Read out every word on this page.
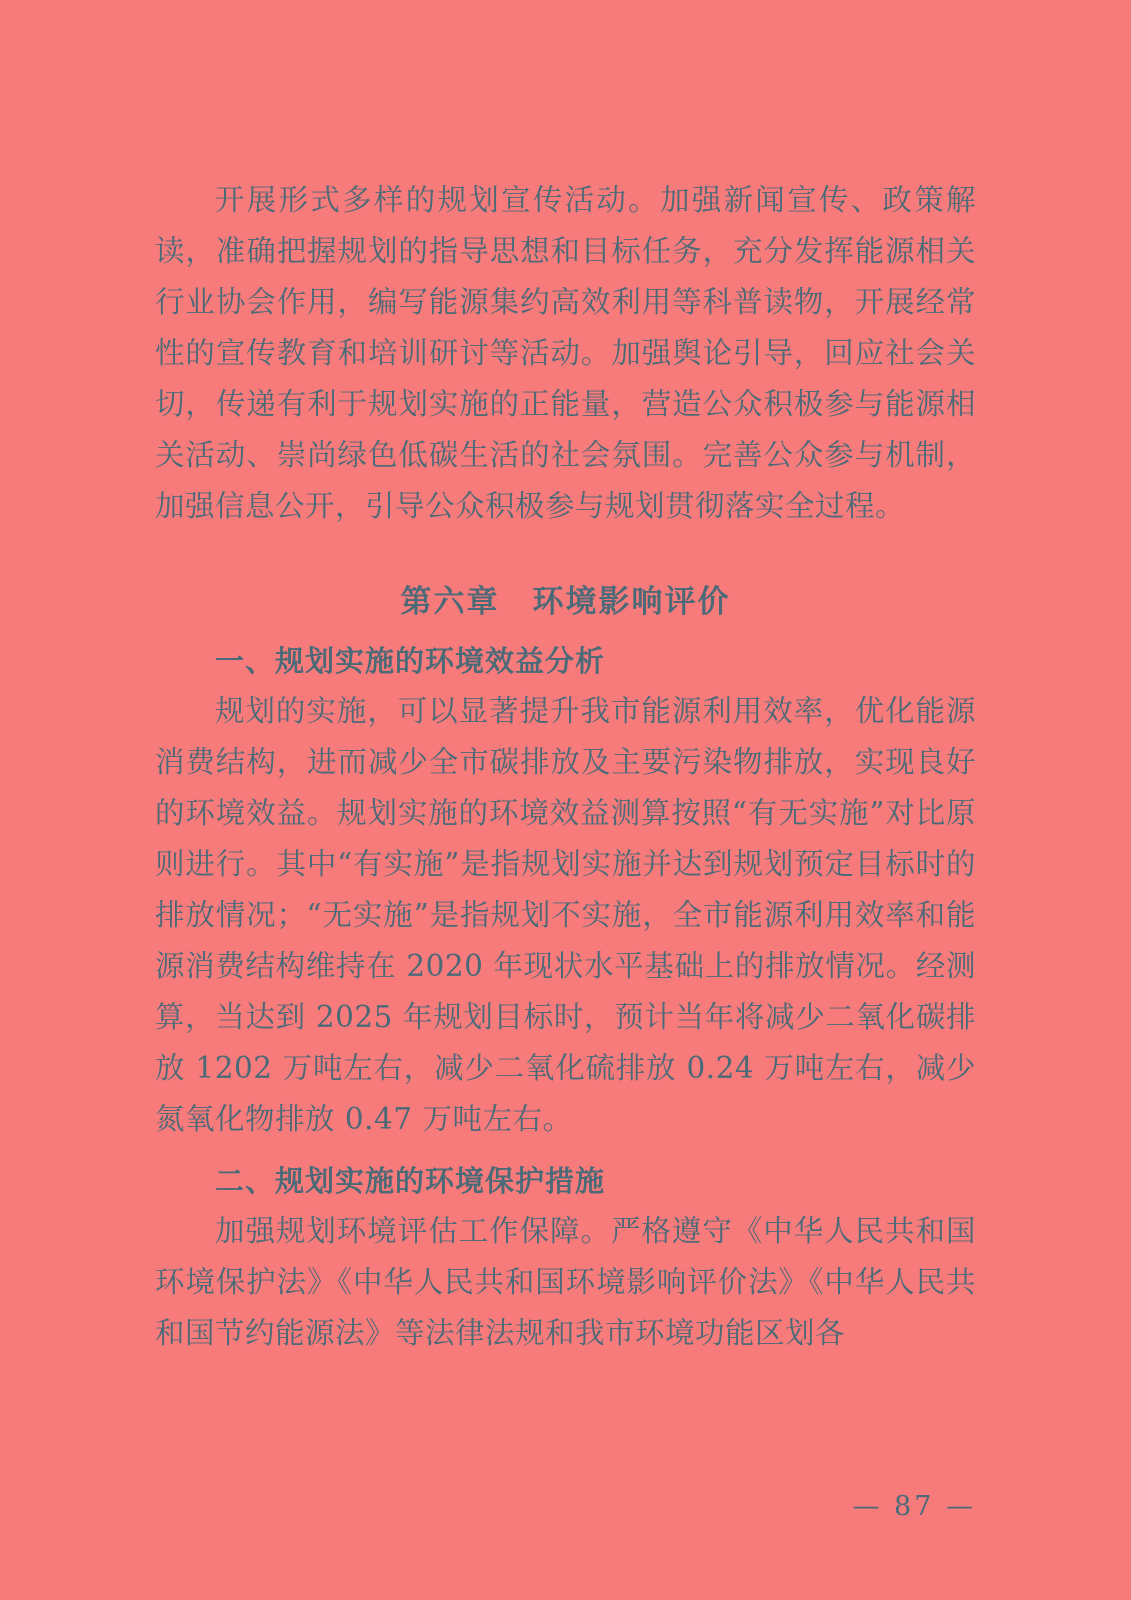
开展形式多样的规划宣传活动。加强新闻宣传、政策解读，准确把握规划的指导思想和目标任务，充分发挥能源相关行业协会作用，编写能源集约高效利用等科普读物，开展经常性的宣传教育和培训研讨等活动。加强舆论引导，回应社会关切，传递有利于规划实施的正能量，营造公众积极参与能源相关活动、崇尚绿色低碳生活的社会氛围。完善公众参与机制，加强信息公开，引导公众积极参与规划贯彻落实全过程。

第六章　环境影响评价
一、规划实施的环境效益分析

规划的实施，可以显著提升我市能源利用效率，优化能源消费结构，进而减少全市碳排放及主要污染物排放，实现良好的环境效益。规划实施的环境效益测算按照“有无实施”对比原则进行。其中“有实施”是指规划实施并达到规划预定目标时的排放情况；“无实施”是指规划不实施，全市能源利用效率和能源消费结构维持在 2020 年现状水平基础上的排放情况。经测算，当达到 2025 年规划目标时，预计当年将减少二氧化碳排放 1202 万吨左右，减少二氧化硫排放 0.24 万吨左右，减少氮氧化物排放 0.47 万吨左右。

二、规划实施的环境保护措施

加强规划环境评估工作保障。严格遵守《中华人民共和国环境保护法》《中华人民共和国环境影响评价法》《中华人民共和国节约能源法》等法律法规和我市环境功能区划各

— 87 —
